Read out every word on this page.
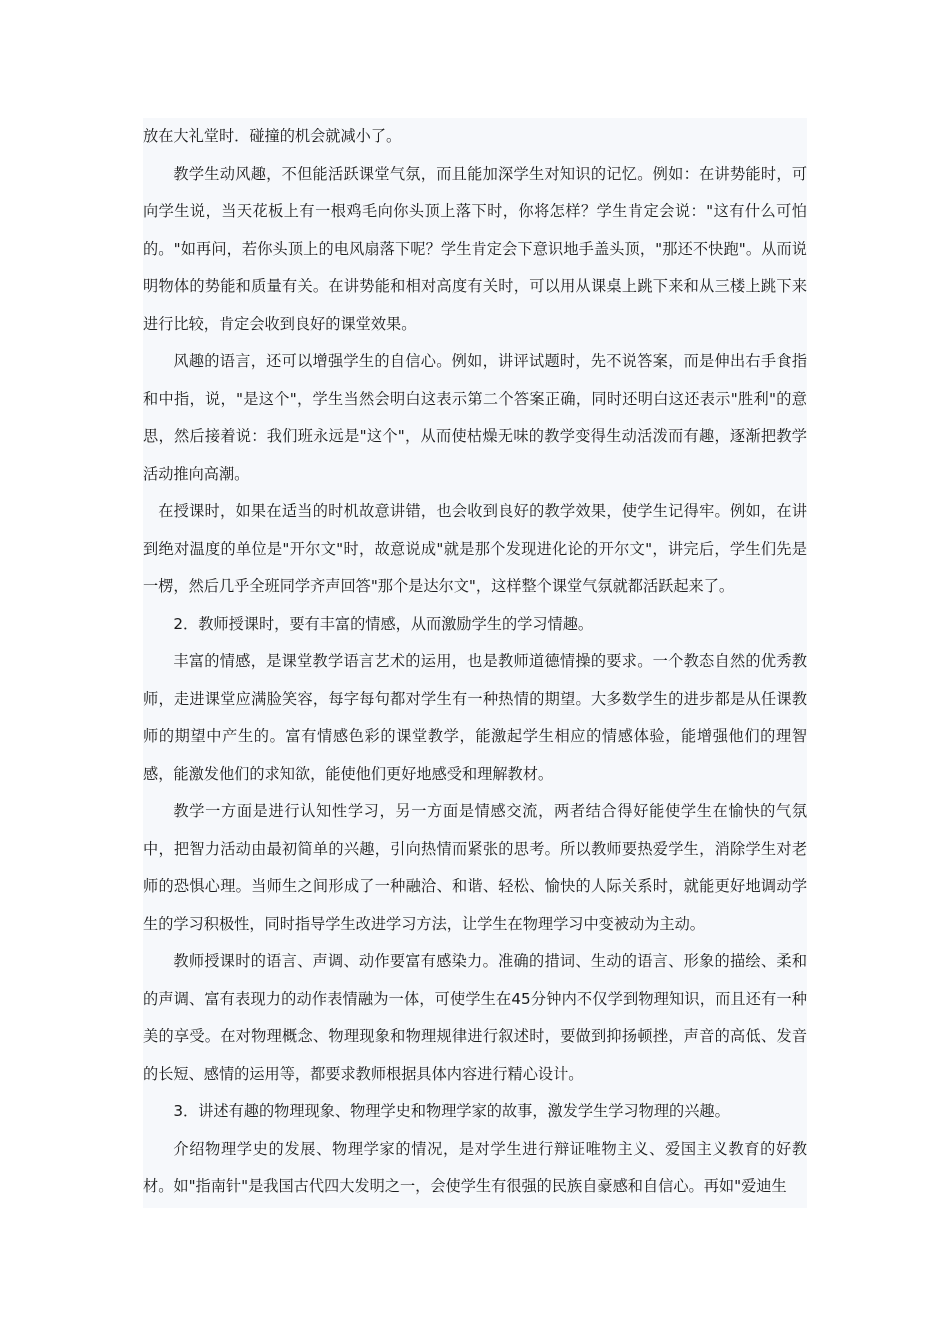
放在大礼堂时．碰撞的机会就减小了。

教学生动风趣，不但能活跃课堂气氛，而且能加深学生对知识的记忆。例如：在讲势能时，可向学生说，当天花板上有一根鸡毛向你头顶上落下时，你将怎样？学生肯定会说："这有什么可怕的。"如再问，若你头顶上的电风扇落下呢？学生肯定会下意识地手盖头顶，"那还不快跑"。从而说明物体的势能和质量有关。在讲势能和相对高度有关时，可以用从课桌上跳下来和从三楼上跳下来进行比较，肯定会收到良好的课堂效果。

风趣的语言，还可以增强学生的自信心。例如，讲评试题时，先不说答案，而是伸出右手食指和中指，说，"是这个"，学生当然会明白这表示第二个答案正确，同时还明白这还表示"胜利"的意思，然后接着说：我们班永远是"这个"，从而使枯燥无味的教学变得生动活泼而有趣，逐渐把教学活动推向高潮。

在授课时，如果在适当的时机故意讲错，也会收到良好的教学效果，使学生记得牢。例如，在讲到绝对温度的单位是"开尔文"时，故意说成"就是那个发现进化论的开尔文"，讲完后，学生们先是一楞，然后几乎全班同学齐声回答"那个是达尔文"，这样整个课堂气氛就都活跃起来了。

2．教师授课时，要有丰富的情感，从而激励学生的学习情趣。

丰富的情感，是课堂教学语言艺术的运用，也是教师道德情操的要求。一个教态自然的优秀教师，走进课堂应满脸笑容，每字每句都对学生有一种热情的期望。大多数学生的进步都是从任课教师的期望中产生的。富有情感色彩的课堂教学，能激起学生相应的情感体验，能增强他们的理智感，能激发他们的求知欲，能使他们更好地感受和理解教材。

教学一方面是进行认知性学习，另一方面是情感交流，两者结合得好能使学生在愉快的气氛中，把智力活动由最初简单的兴趣，引向热情而紧张的思考。所以教师要热爱学生，消除学生对老师的恐惧心理。当师生之间形成了一种融洽、和谐、轻松、愉快的人际关系时，就能更好地调动学生的学习积极性，同时指导学生改进学习方法，让学生在物理学习中变被动为主动。

教师授课时的语言、声调、动作要富有感染力。准确的措词、生动的语言、形象的描绘、柔和的声调、富有表现力的动作表情融为一体，可使学生在45分钟内不仅学到物理知识，而且还有一种美的享受。在对物理概念、物理现象和物理规律进行叙述时，要做到抑扬顿挫，声音的高低、发音的长短、感情的运用等，都要求教师根据具体内容进行精心设计。

3．讲述有趣的物理现象、物理学史和物理学家的故事，激发学生学习物理的兴趣。

介绍物理学史的发展、物理学家的情况，是对学生进行辩证唯物主义、爱国主义教育的好教材。如"指南针"是我国古代四大发明之一，会使学生有很强的民族自豪感和自信心。再如"爱迪生
